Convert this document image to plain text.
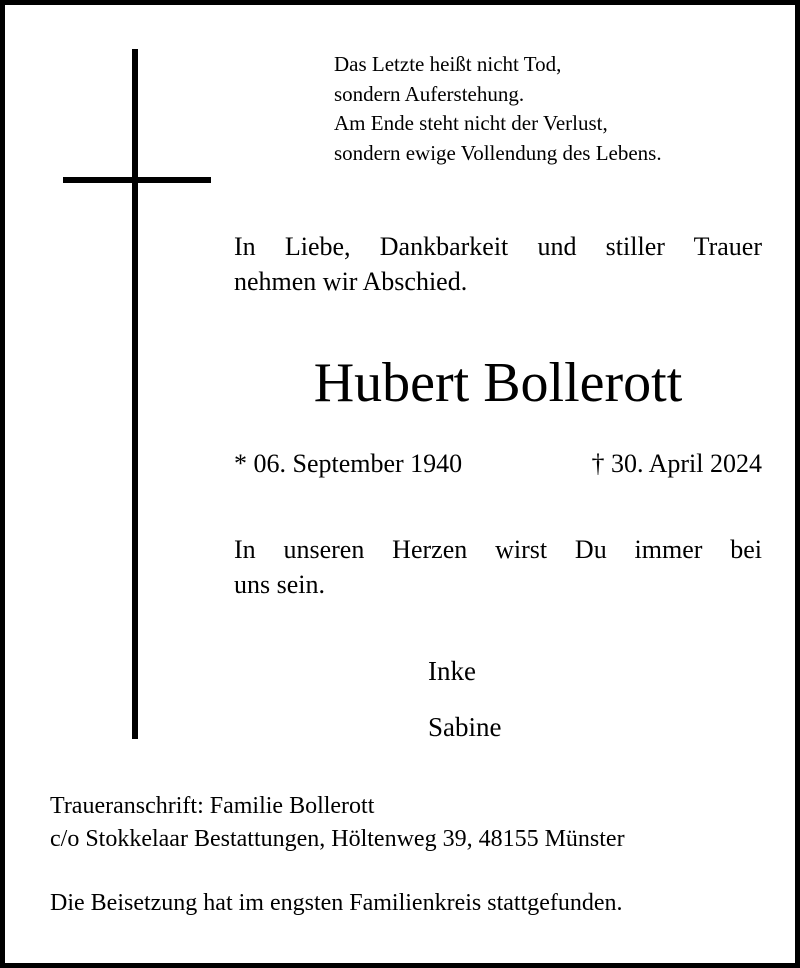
Das Letzte heißt nicht Tod,
sondern Auferstehung.
Am Ende steht nicht der Verlust,
sondern ewige Vollendung des Lebens.
In Liebe, Dankbarkeit und stiller Trauer
nehmen wir Abschied.
Hubert Bollerott
* 06. September 1940	† 30. April 2024
In unseren Herzen wirst Du immer bei
uns sein.
Inke
Sabine
Traueranschrift: Familie Bollerott
c/o Stokkelaar Bestattungen, Höltenweg 39, 48155 Münster
Die Beisetzung hat im engsten Familienkreis stattgefunden.
